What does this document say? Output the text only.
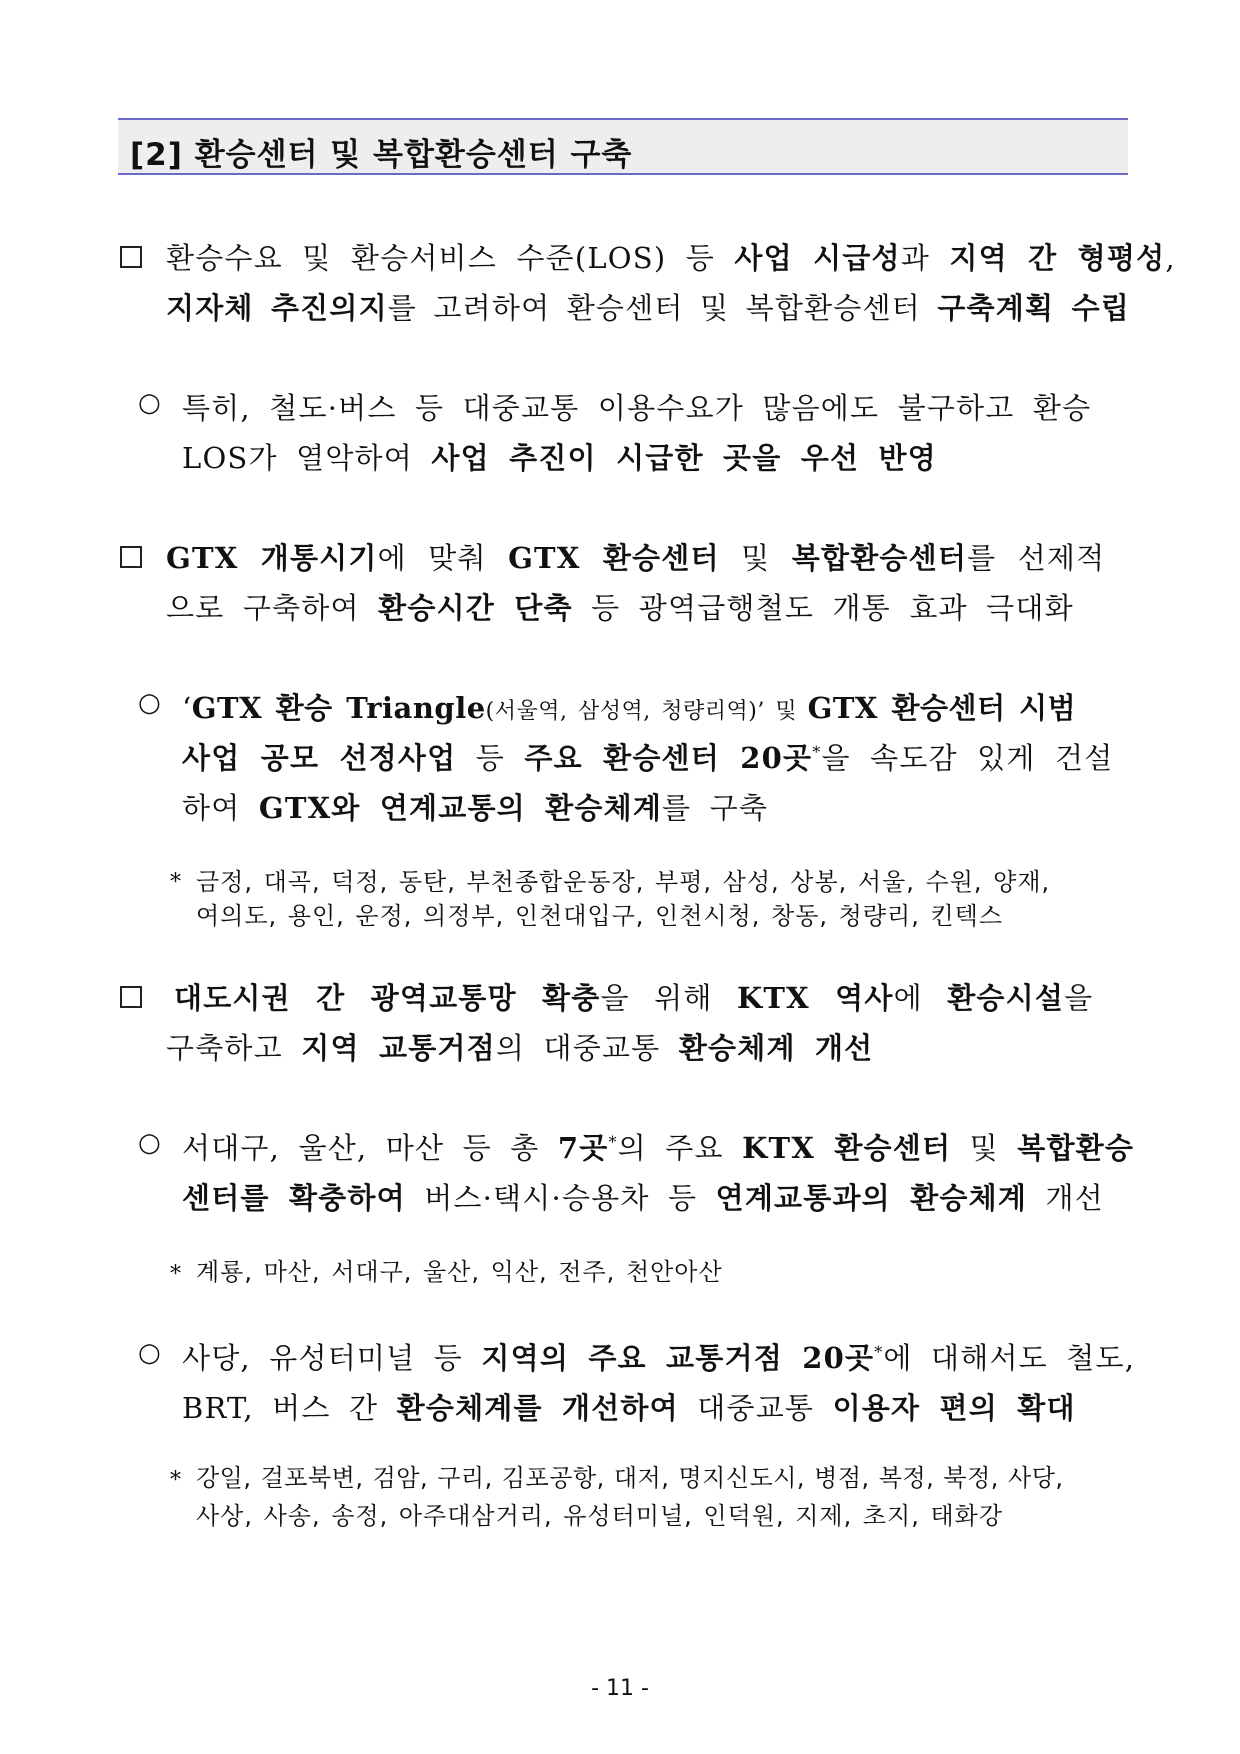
[2] 환승센터 및 복합환승센터 구축
환승수요 및 환승서비스 수준(LOS) 등 사업 시급성과 지역 간 형평성,
지자체 추진의지를 고려하여 환승센터 및 복합환승센터 구축계획 수립
○ 특히, 철도·버스 등 대중교통 이용수요가 많음에도 불구하고 환승
LOS가 열악하여 사업 추진이 시급한 곳을 우선 반영
GTX 개통시기에 맞춰 GTX 환승센터 및 복합환승센터를 선제적
으로 구축하여 환승시간 단축 등 광역급행철도 개통 효과 극대화
○ ‘GTX 환승 Triangle(서울역, 삼성역, 청량리역)’ 및 GTX 환승센터 시범
사업 공모 선정사업 등 주요 환승센터 20곳*을 속도감 있게 건설
하여 GTX와 연계교통의 환승체계를 구축
* 금정, 대곡, 덕정, 동탄, 부천종합운동장, 부평, 삼성, 상봉, 서울, 수원, 양재,
여의도, 용인, 운정, 의정부, 인천대입구, 인천시청, 창동, 청량리, 킨텍스
대도시권 간 광역교통망 확충을 위해 KTX 역사에 환승시설을
구축하고 지역 교통거점의 대중교통 환승체계 개선
○ 서대구, 울산, 마산 등 총 7곳*의 주요 KTX 환승센터 및 복합환승
센터를 확충하여 버스·택시·승용차 등 연계교통과의 환승체계 개선
* 계룡, 마산, 서대구, 울산, 익산, 전주, 천안아산
○ 사당, 유성터미널 등 지역의 주요 교통거점 20곳*에 대해서도 철도,
BRT, 버스 간 환승체계를 개선하여 대중교통 이용자 편의 확대
* 강일, 걸포북변, 검암, 구리, 김포공항, 대저, 명지신도시, 병점, 복정, 북정, 사당,
사상, 사송, 송정, 아주대삼거리, 유성터미널, 인덕원, 지제, 초지, 태화강
- 11 -
